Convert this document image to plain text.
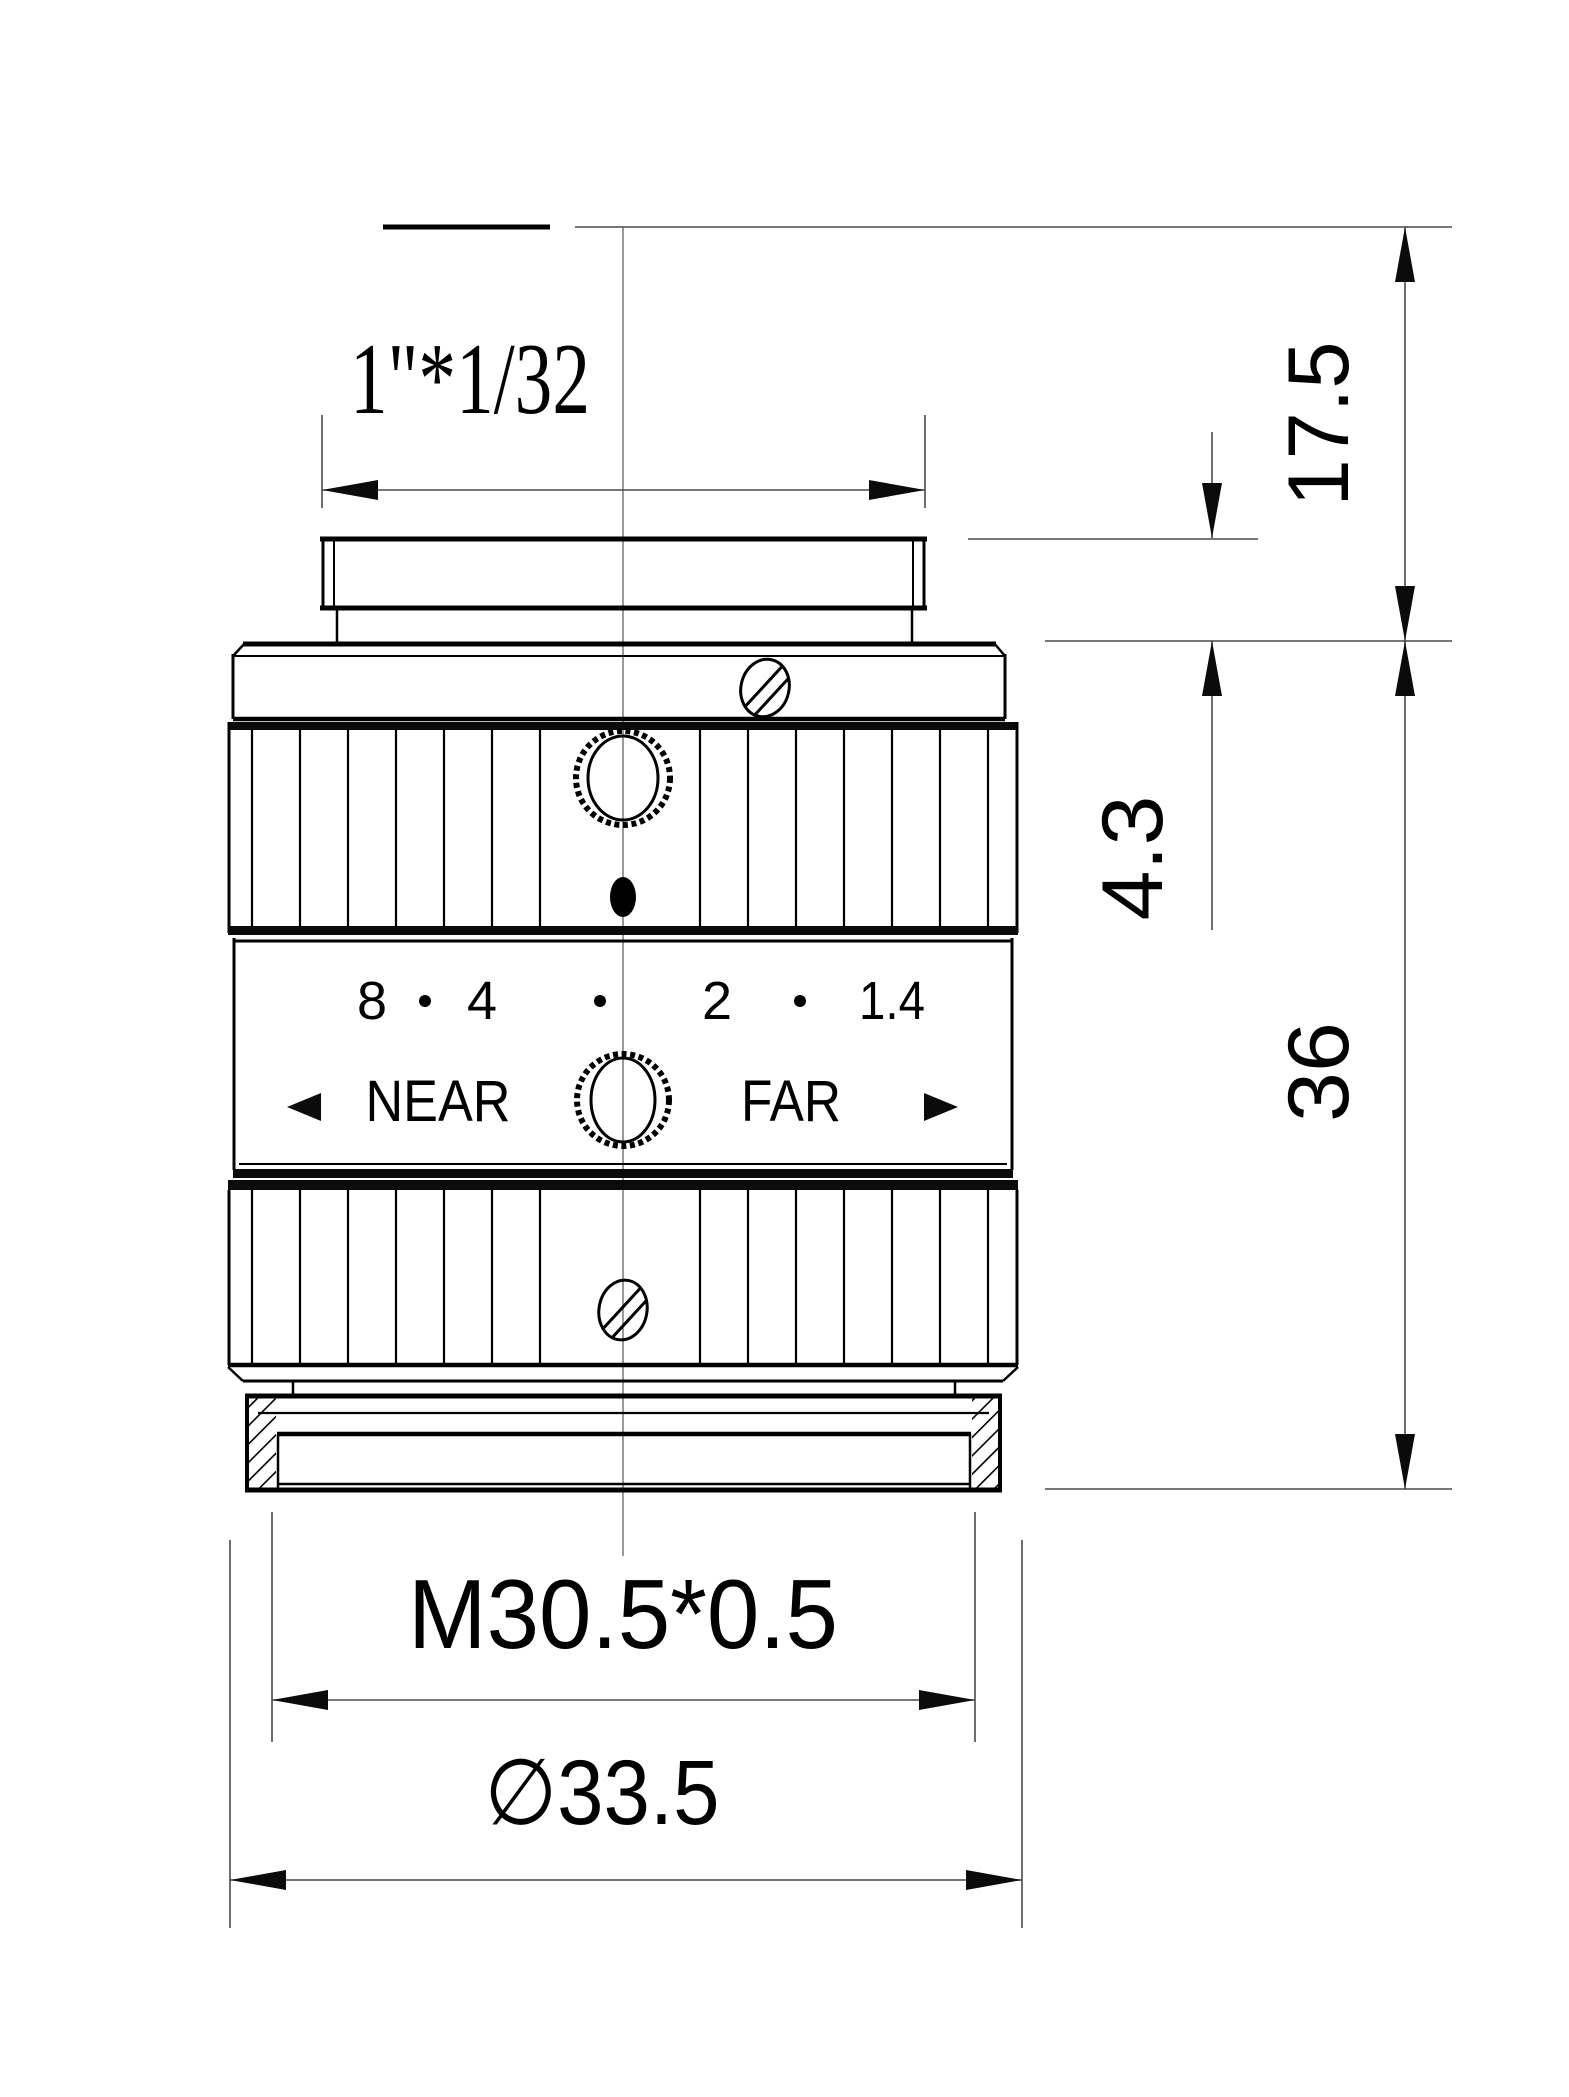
1"*1/32
8 4	2 1.4
NEAR	FAR
4.3
17.5
36
M30.5*0.5
∅33.5
